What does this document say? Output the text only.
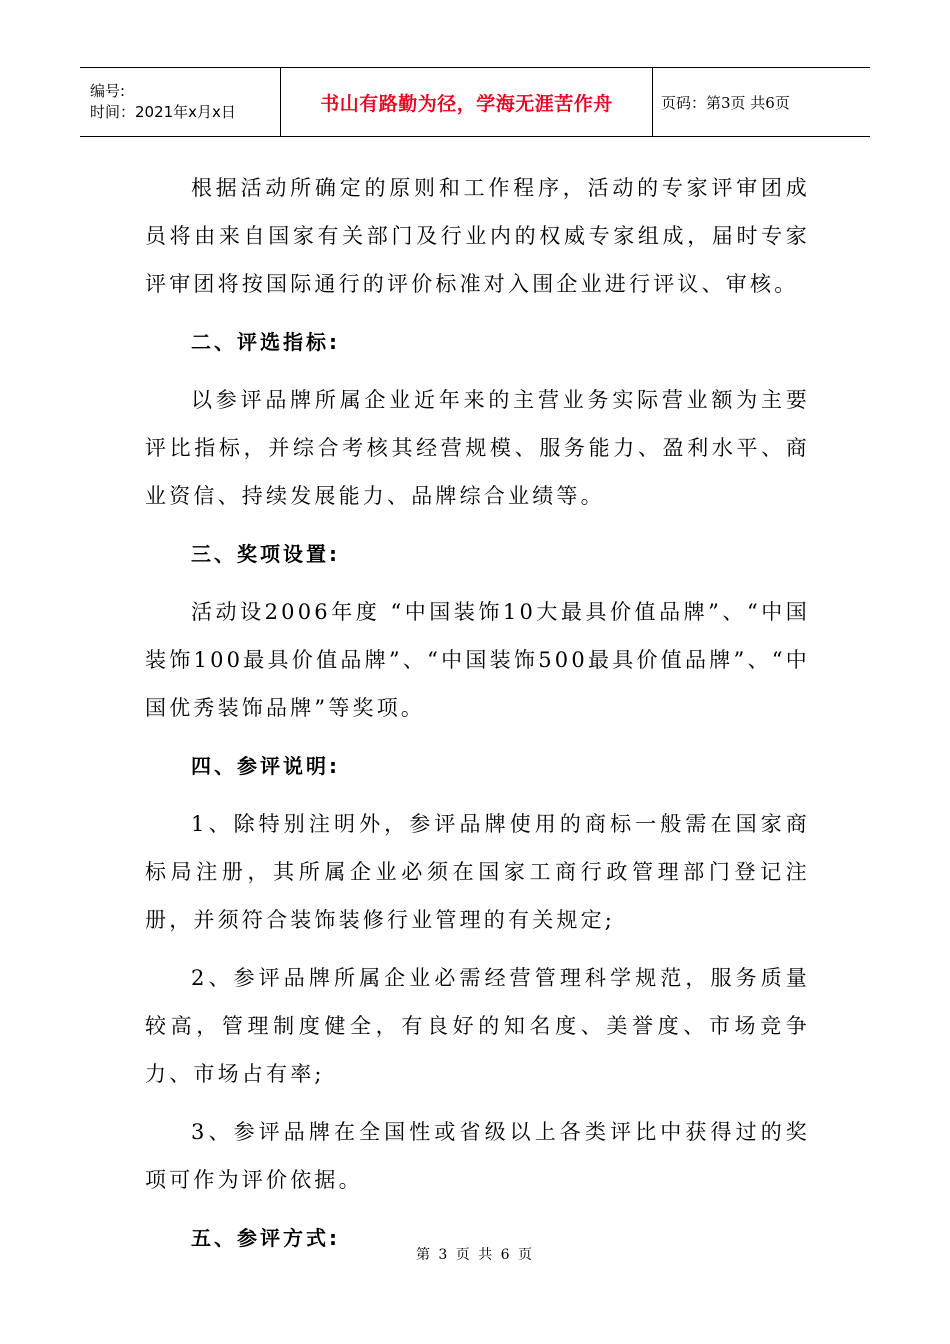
编号:
时间：2021年x月x日	书山有路勤为径，学海无涯苦作舟	页码：第3页 共6页

根据活动所确定的原则和工作程序，活动的专家评审团成员将由来自国家有关部门及行业内的权威专家组成，届时专家评审团将按国际通行的评价标准对入围企业进行评议、审核。

二、评选指标:

以参评品牌所属企业近年来的主营业务实际营业额为主要评比指标，并综合考核其经营规模、服务能力、盈利水平、商业资信、持续发展能力、品牌综合业绩等。

三、奖项设置:

活动设2006年度 “中国装饰10大最具价值品牌”、“中国装饰100最具价值品牌”、“中国装饰500最具价值品牌”、“中国优秀装饰品牌”等奖项。

四、参评说明:

1、除特别注明外，参评品牌使用的商标一般需在国家商标局注册，其所属企业必须在国家工商行政管理部门登记注册，并须符合装饰装修行业管理的有关规定;

2、参评品牌所属企业必需经营管理科学规范，服务质量较高，管理制度健全，有良好的知名度、美誉度、市场竞争力、市场占有率;

3、参评品牌在全国性或省级以上各类评比中获得过的奖项可作为评价依据。

五、参评方式:

第 3 页 共 6 页
